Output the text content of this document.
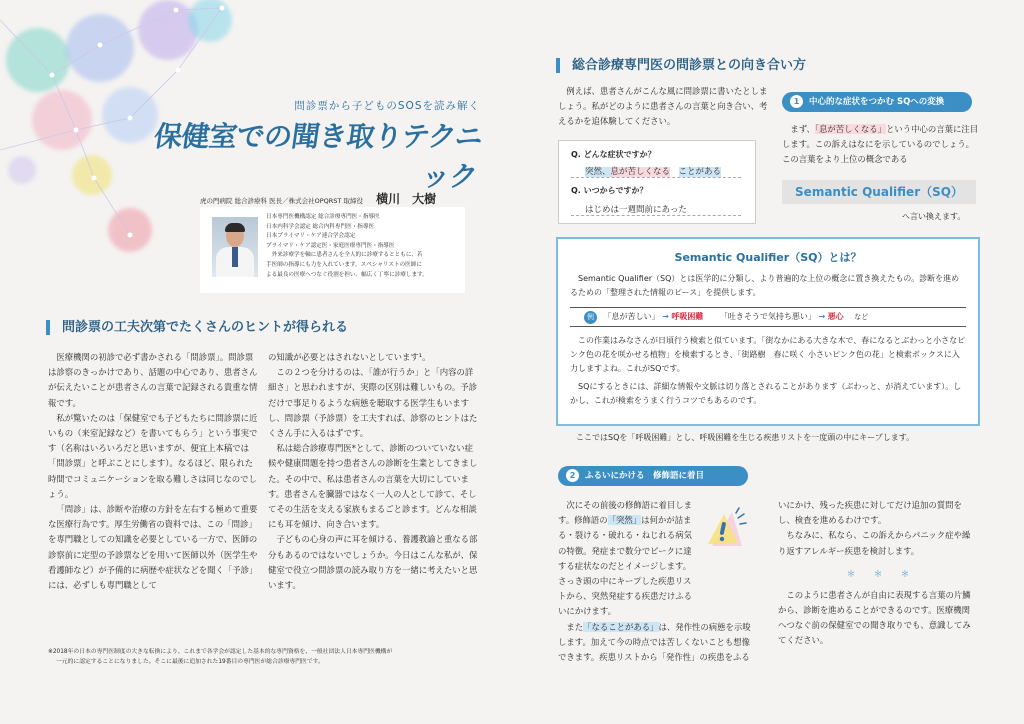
問診票から子どものSOSを読み解く
保健室での聞き取りテクニック
虎の門病院 総合診療科 医長／株式会社OPQRST 取締役 横川　大樹
日本専門医機構認定 総合診療専門医・指導医
日本内科学会認定 総合内科専門医・指導医
日本プライマリ・ケア連合学会認定
プライマリ・ケア認定医・家庭医療専門医・指導医
外来診療学を軸に患者さんを全人的に診療するとともに、若
手医師の指導にも力を入れています。スペシャリストの医師に
よる最良の医療へつなぐ役割を担い、幅広く丁寧に診療します。
問診票の工夫次第でたくさんのヒントが得られる

医療機関の初診で必ず書かされる「問診票」。問診票は診察のきっかけであり、話題の中心であり、患者さんが伝えたいことが患者さんの言葉で記録される貴重な情報です。

私が驚いたのは「保健室でも子どもたちに問診票に近いもの（来室記録など）を書いてもらう」という事実です（名称はいろいろだと思いますが、便宜上本稿では「問診票」と呼ぶことにします）。なるほど、限られた時間でコミュニケーションを取る難しさは同じなのでしょう。

「問診」は、診断や治療の方針を左右する極めて重要な医療行為です。厚生労働省の資料では、この「問診」を専門職としての知識を必要としている一方で、医師の診察前に定型の予診票などを用いて医師以外（医学生や看護師など）が予備的に病歴や症状などを聞く「予診」には、必ずしも専門職として

の知識が必要とはされないとしています¹。

この２つを分けるのは、「誰が行うか」と「内容の詳細さ」と思われますが、実際の区別は難しいもの。予診だけで事足りるような病態を聴取する医学生もいますし、問診票（予診票）を工夫すれば、診察のヒントはたくさん手に入るはずです。

私は総合診療専門医*として、診断のついていない症候や健康問題を持つ患者さんの診断を生業としてきました。その中で、私は患者さんの言葉を大切にしています。患者さんを臓器ではなく一人の人として診て、そしてその生活を支える家族もまるごと診ます。どんな相談にも耳を傾け、向き合います。

子どもの心身の声に耳を傾ける、養護教諭と重なる部分もあるのではないでしょうか。今日はこんな私が、保健室で役立つ問診票の読み取り方を一緒に考えたいと思います。

※2018年の日本の専門医制度の大きな転換により、これまで各学会が認定した基本的な専門資格を、一般社団法人日本専門医機構が
一元的に認定することになりました。そこに最後に追加された19番目の専門医が総合診療専門医です。
総合診療専門医の問診票との向き合い方

例えば、患者さんがこんな風に問診票に書いたとしましょう。私がどのように患者さんの言葉と向き合い、考えるかを追体験してください。

Q. どんな症状ですか？
突然、息が苦しくなる　 ことがある
Q. いつからですか？
はじめは一週間前にあった
1 中心的な症状をつかむ SQへの変換

まず、「息が苦しくなる」という中心の言葉に注目します。この訴えはなにを示しているのでしょう。この言葉をより上位の概念である

Semantic Qualifier（SQ）
へ言い換えます。
Semantic Qualifier（SQ）とは？

Semantic Qualifier（SQ）とは医学的に分類し、より普遍的な上位の概念に置き換えたもの。診断を進めるための「整理された情報のピース」を提供します。

例 「息が苦しい」 → 呼吸困難 「吐きそうで気持ち悪い」 → 悪心 など

この作業はみなさんが日頃行う検索と似ています。「街なかにある大きな木で、春になるとぶわっと小さなピンク色の花を咲かせる植物」を検索するとき、「街路樹　春に咲く 小さいピンク色の花」と検索ボックスに入力しますよね。これがSQです。

SQにするときには、詳細な情報や文脈は切り落とされることがあります（ぶわっと、が消えています）。しかし、これが検索をうまく行うコツでもあるのです。

ここではSQを「呼吸困難」とし、呼吸困難を生じる疾患リストを一度頭の中にキープします。

2 ふるいにかける　修飾語に着目

次にその前後の修飾語に着目します。修飾語の「突然」は何かが詰まる・裂ける・破れる・ねじれる病気の特徴。発症まで数分でピークに達する症状なのだとイメージします。さっき頭の中にキープした疾患リストから、突然発症する疾患だけふるいにかけます。

また「なることがある」は、発作性の病態を示唆します。加えて今の時点では苦しくないことも想像できます。疾患リストから「発作性」の疾患をふる

いにかけ、残った疾患に対してだけ追加の質問をし、検査を進めるわけです。

ちなみに、私なら、この訴えからパニック症や繰り返すアレルギー疾患を検討します。

＊　　＊　　＊

このように患者さんが自由に表現する言葉の片鱗から、診断を進めることができるのです。医療機関へつなぐ前の保健室での聞き取りでも、意識してみてください。
